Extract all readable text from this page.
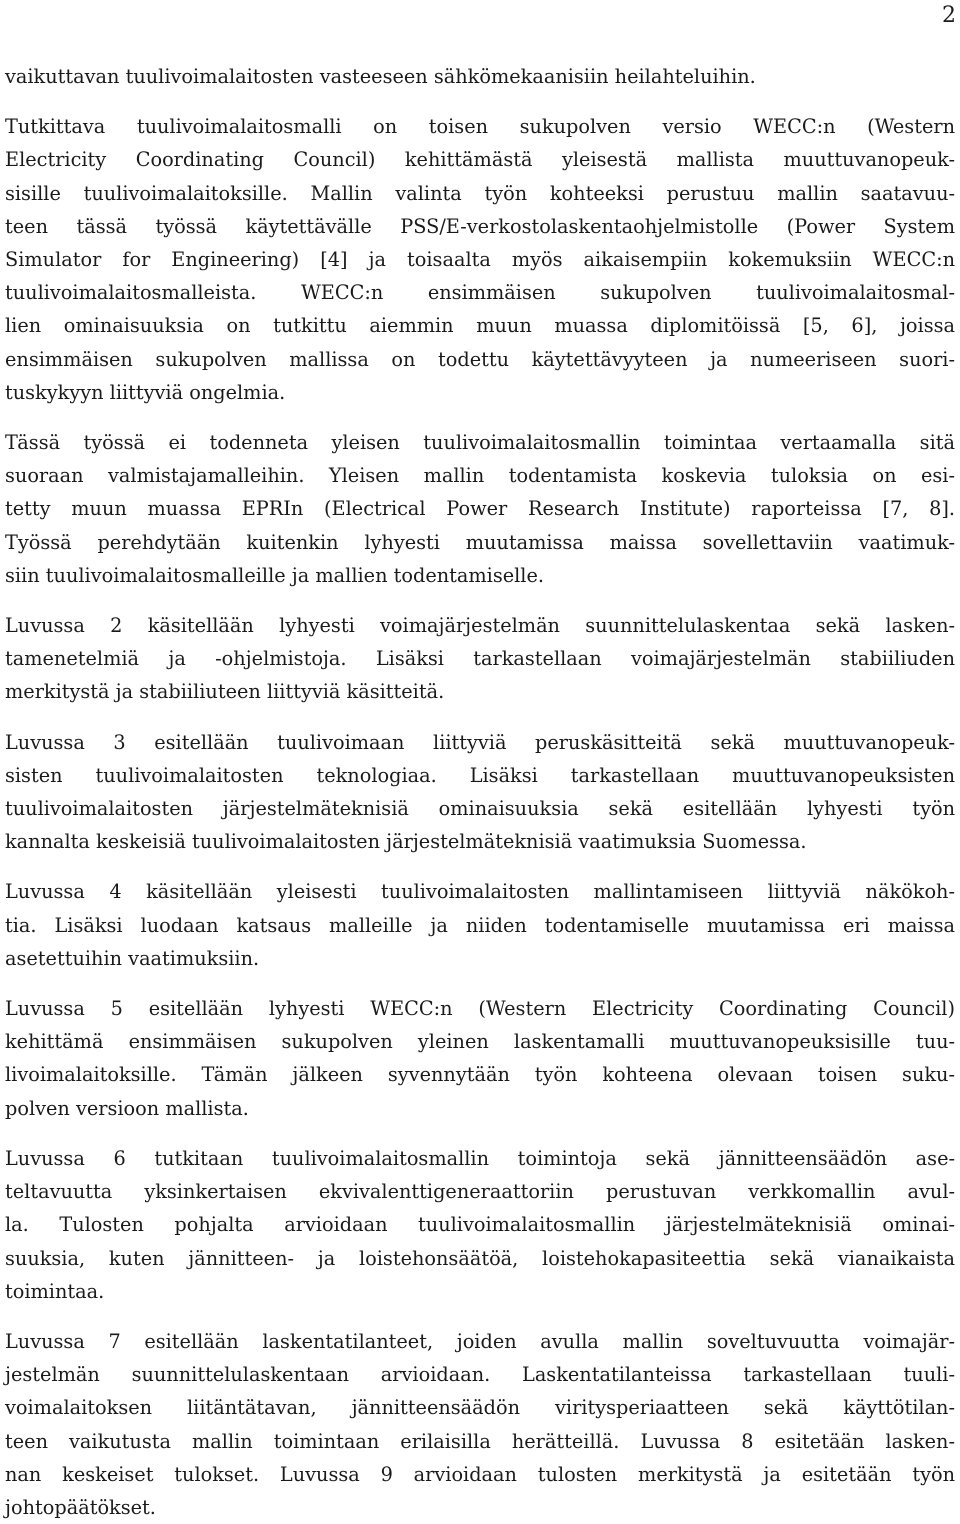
2

vaikuttavan tuulivoimalaitosten vasteeseen sähkömekaanisiin heilahteluihin.

Tutkittava tuulivoimalaitosmalli on toisen sukupolven versio WECC:n (Western
Electricity Coordinating Council) kehittämästä yleisestä mallista muuttuvanopeuk-
sisille tuulivoimalaitoksille. Mallin valinta työn kohteeksi perustuu mallin saatavuu-
teen tässä työssä käytettävälle PSS/E-verkostolaskentaohjelmistolle (Power System
Simulator for Engineering) [4] ja toisaalta myös aikaisempiin kokemuksiin WECC:n
tuulivoimalaitosmalleista. WECC:n ensimmäisen sukupolven tuulivoimalaitosmal-
lien ominaisuuksia on tutkittu aiemmin muun muassa diplomitöissä [5, 6], joissa
ensimmäisen sukupolven mallissa on todettu käytettävyyteen ja numeeriseen suori-
tuskykyyn liittyviä ongelmia.

Tässä työssä ei todenneta yleisen tuulivoimalaitosmallin toimintaa vertaamalla sitä
suoraan valmistajamalleihin. Yleisen mallin todentamista koskevia tuloksia on esi-
tetty muun muassa EPRIn (Electrical Power Research Institute) raporteissa [7, 8].
Työssä perehdytään kuitenkin lyhyesti muutamissa maissa sovellettaviin vaatimuk-
siin tuulivoimalaitosmalleille ja mallien todentamiselle.

Luvussa 2 käsitellään lyhyesti voimajärjestelmän suunnittelulaskentaa sekä lasken-
tamenetelmiä ja -ohjelmistoja. Lisäksi tarkastellaan voimajärjestelmän stabiiliuden
merkitystä ja stabiiliuteen liittyviä käsitteitä.

Luvussa 3 esitellään tuulivoimaan liittyviä peruskäsitteitä sekä muuttuvanopeuk-
sisten tuulivoimalaitosten teknologiaa. Lisäksi tarkastellaan muuttuvanopeuksisten
tuulivoimalaitosten järjestelmäteknisiä ominaisuuksia sekä esitellään lyhyesti työn
kannalta keskeisiä tuulivoimalaitosten järjestelmäteknisiä vaatimuksia Suomessa.

Luvussa 4 käsitellään yleisesti tuulivoimalaitosten mallintamiseen liittyviä näkökoh-
tia. Lisäksi luodaan katsaus malleille ja niiden todentamiselle muutamissa eri maissa
asetettuihin vaatimuksiin.

Luvussa 5 esitellään lyhyesti WECC:n (Western Electricity Coordinating Council)
kehittämä ensimmäisen sukupolven yleinen laskentamalli muuttuvanopeuksisille tuu-
livoimalaitoksille. Tämän jälkeen syvennytään työn kohteena olevaan toisen suku-
polven versioon mallista.

Luvussa 6 tutkitaan tuulivoimalaitosmallin toimintoja sekä jännitteensäädön ase-
teltavuutta yksinkertaisen ekvivalenttigeneraattoriin perustuvan verkkomallin avul-
la. Tulosten pohjalta arvioidaan tuulivoimalaitosmallin järjestelmäteknisiä ominai-
suuksia, kuten jännitteen- ja loistehonsäätöä, loistehokapasiteettia sekä vianaikaista
toimintaa.

Luvussa 7 esitellään laskentatilanteet, joiden avulla mallin soveltuvuutta voimajär-
jestelmän suunnittelulaskentaan arvioidaan. Laskentatilanteissa tarkastellaan tuuli-
voimalaitoksen liitäntätavan, jännitteensäädön viritysperiaatteen sekä käyttötilan-
teen vaikutusta mallin toimintaan erilaisilla herätteillä. Luvussa 8 esitetään lasken-
nan keskeiset tulokset. Luvussa 9 arvioidaan tulosten merkitystä ja esitetään työn
johtopäätökset.
